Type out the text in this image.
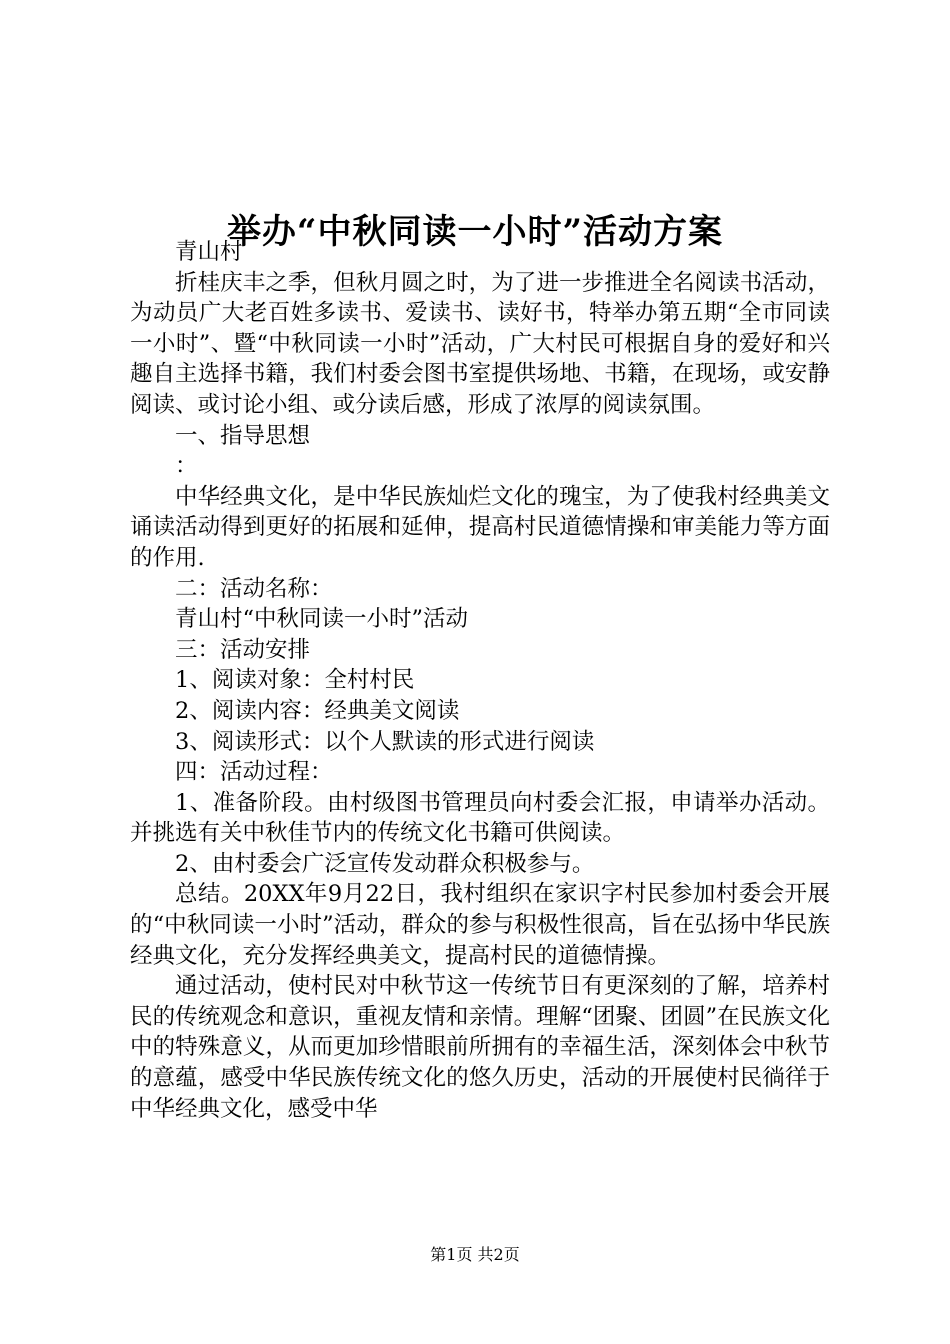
举办“中秋同读一小时”活动方案

青山村

折桂庆丰之季，但秋月圆之时，为了进一步推进全名阅读书活动，为动员广大老百姓多读书、爱读书、读好书，特举办第五期“全市同读一小时”、暨“中秋同读一小时”活动，广大村民可根据自身的爱好和兴趣自主选择书籍，我们村委会图书室提供场地、书籍，在现场，或安静阅读、或讨论小组、或分读后感，形成了浓厚的阅读氛围。

一、指导思想

：

中华经典文化，是中华民族灿烂文化的瑰宝，为了使我村经典美文诵读活动得到更好的拓展和延伸，提高村民道德情操和审美能力等方面的作用.

二：活动名称：

青山村“中秋同读一小时”活动

三：活动安排

1、阅读对象：全村村民

2、阅读内容：经典美文阅读

3、阅读形式：以个人默读的形式进行阅读

四：活动过程：

1、准备阶段。由村级图书管理员向村委会汇报，申请举办活动。并挑选有关中秋佳节内的传统文化书籍可供阅读。

2、由村委会广泛宣传发动群众积极参与。

总结。20XX年9月22日，我村组织在家识字村民参加村委会开展的“中秋同读一小时”活动，群众的参与积极性很高，旨在弘扬中华民族经典文化，充分发挥经典美文，提高村民的道德情操。

通过活动，使村民对中秋节这一传统节日有更深刻的了解，培养村民的传统观念和意识，重视友情和亲情。理解“团聚、团圆”在民族文化中的特殊意义，从而更加珍惜眼前所拥有的幸福生活，深刻体会中秋节的意蕴，感受中华民族传统文化的悠久历史，活动的开展使村民徜徉于中华经典文化，感受中华

第1页 共2页
